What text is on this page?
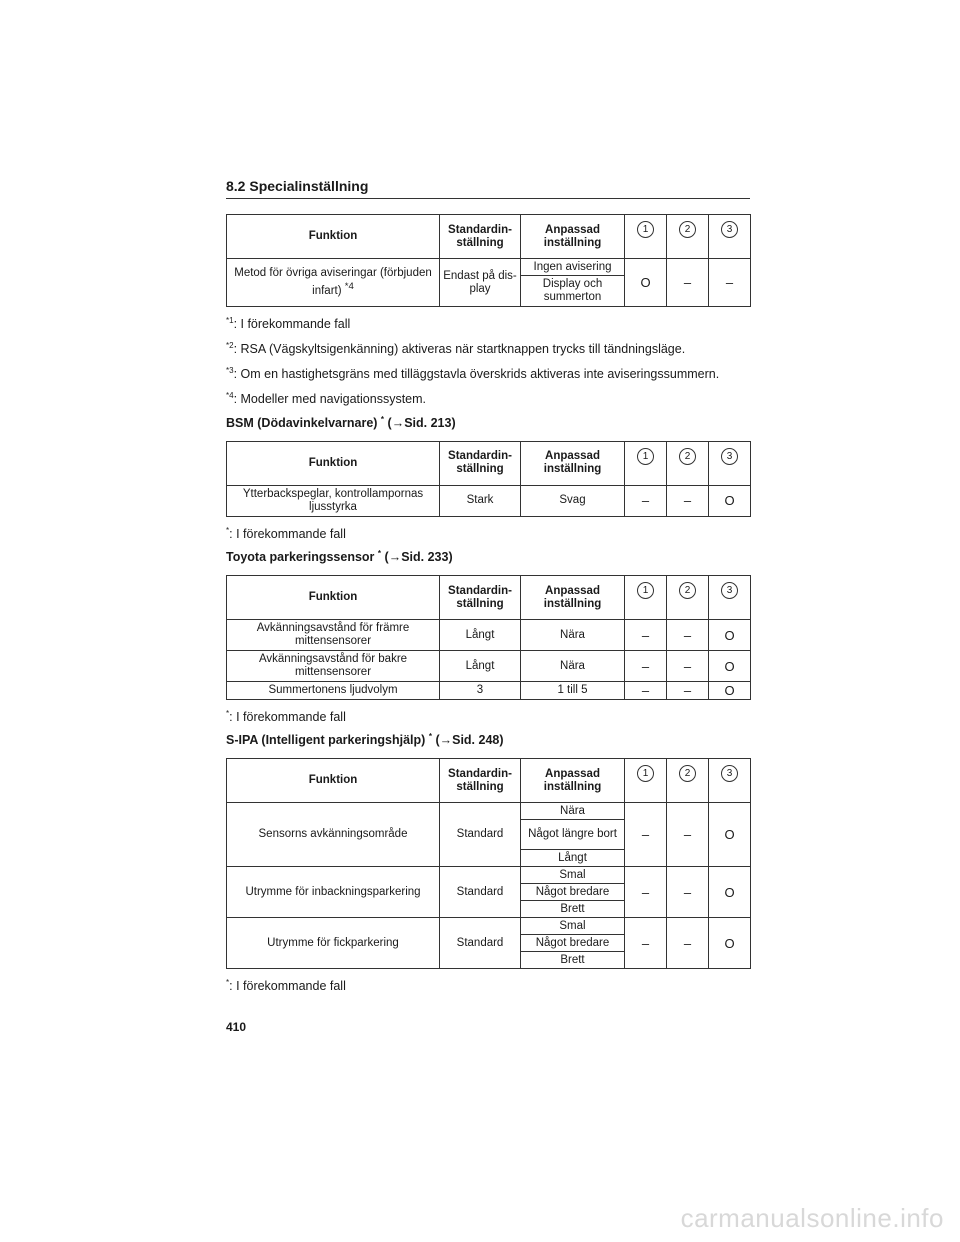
8.2 Specialinställning
Funktion	Standardin-ställning	Anpassad inställning	1	2	3
Metod för övriga aviseringar (förbjuden infart) $^{*4}$	Endast på dis-play	Ingen avisering	O	–	–
		Display och summerton			
$^{*1}$: I förekommande fall
$^{*2}$: RSA (Vägskyltsigenkänning) aktiveras när startknappen trycks till tändningsläge.
$^{*3}$: Om en hastighetsgräns med tilläggstavla överskrids aktiveras inte aviseringssummern.
$^{*4}$: Modeller med navigationssystem.
BSM (Dödavinkelvarnare) * (→Sid. 213)
Funktion	Standardin-ställning	Anpassad inställning	1	2	3
Ytterbackspeglar, kontrollampornas ljusstyrka	Stark	Svag	–	–	O
*: I förekommande fall
Toyota parkeringssensor * (→Sid. 233)
Funktion	Standardin-ställning	Anpassad inställning	1	2	3
Avkänningsavstånd för främre mittensensorer	Långt	Nära	–	–	O
Avkänningsavstånd för bakre mittensensorer	Långt	Nära	–	–	O
Summertonens ljudvolym	3	1 till 5	–	–	O
*: I förekommande fall
S-IPA (Intelligent parkeringshjälp) * (→Sid. 248)
Funktion	Standardin-ställning	Anpassad inställning	1	2	3
Sensorns avkänningsområde	Standard	Nära	–	–	O
		Något längre bort			
		Långt			
Utrymme för inbackningsparkering	Standard	Smal	–	–	O
		Något bredare			
		Brett			
Utrymme för fickparkering	Standard	Smal	–	–	O
		Något bredare			
		Brett			
*: I förekommande fall
410
carmanualsonline.info
